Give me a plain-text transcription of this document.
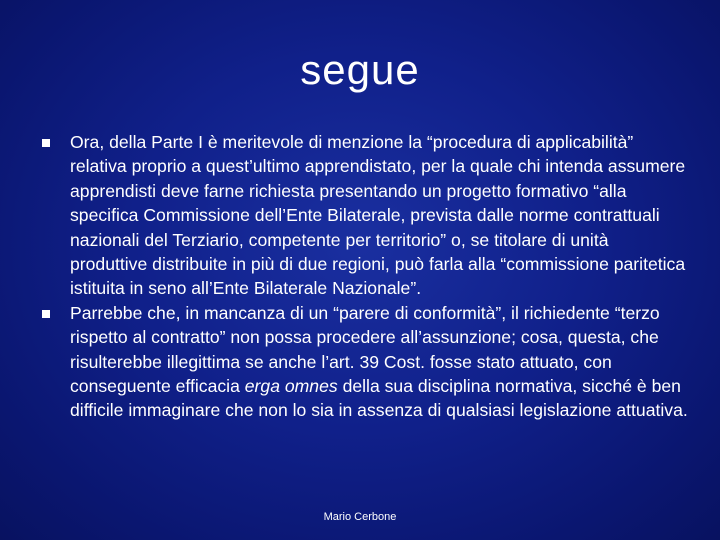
segue
Ora, della Parte I è meritevole di menzione la “procedura di applicabilità” relativa proprio a quest’ultimo apprendistato, per la quale chi intenda assumere apprendisti deve farne richiesta presentando un progetto formativo “alla specifica Commissione dell’Ente Bilaterale, prevista dalle norme contrattuali nazionali del Terziario, competente per territorio” o, se titolare di unità produttive distribuite in più di due regioni, può farla alla “commissione paritetica istituita in seno all’Ente Bilaterale Nazionale”.
Parrebbe che, in mancanza di un “parere di conformità”, il richiedente “terzo rispetto al contratto” non possa procedere all’assunzione; cosa, questa, che risulterebbe illegittima se anche l’art. 39 Cost. fosse stato attuato, con conseguente efficacia erga omnes della sua disciplina normativa, sicché è ben difficile immaginare che non lo sia in assenza di qualsiasi legislazione attuativa.
Mario Cerbone
